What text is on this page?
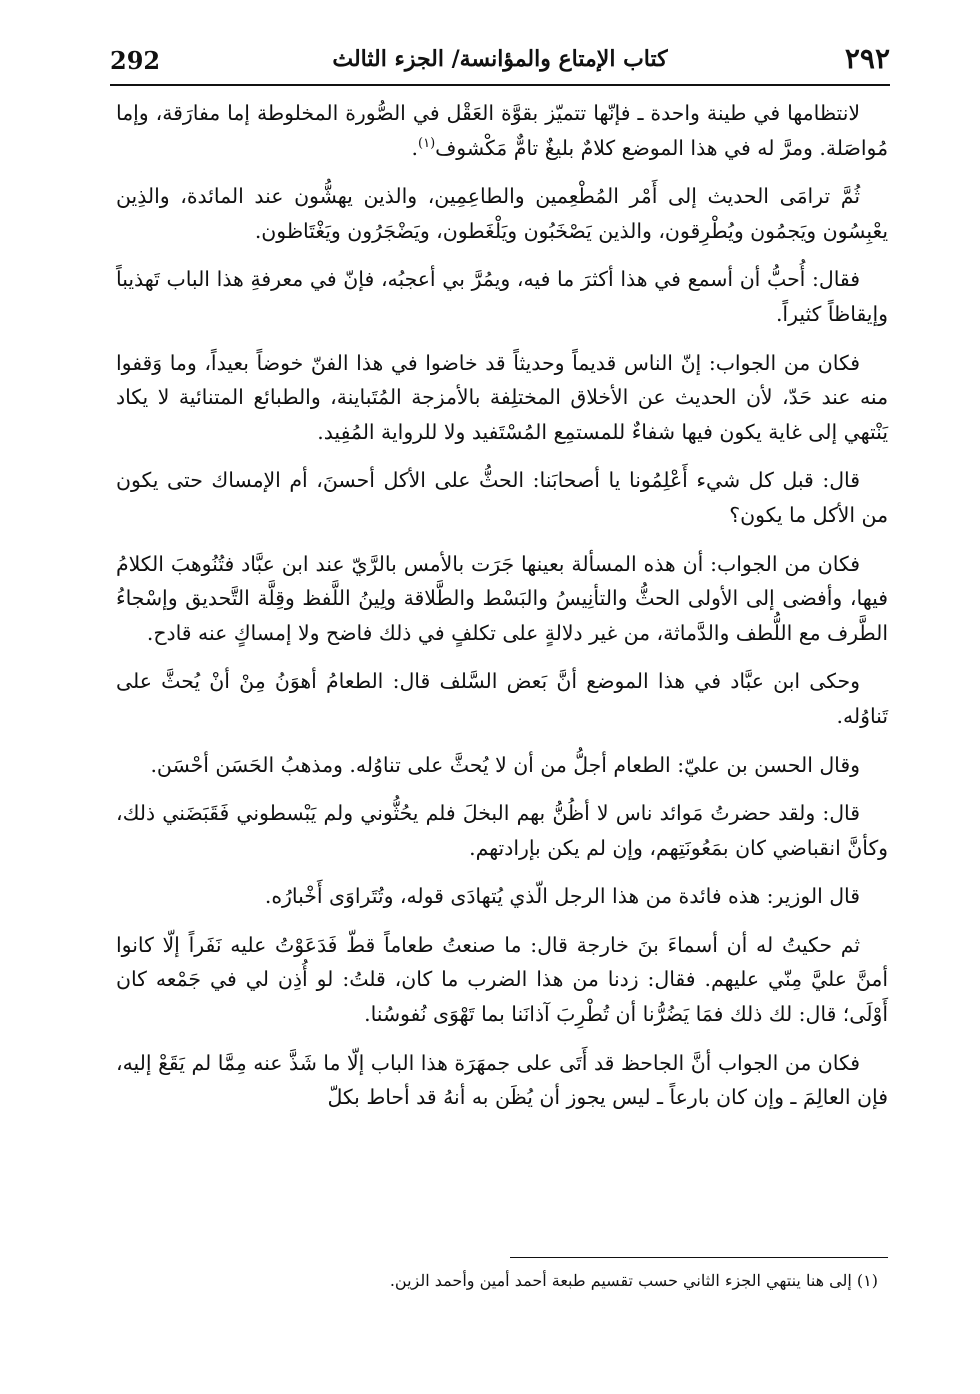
٢٩٢
كتاب الإمتاع والمؤانسة/ الجزء الثالث
292

لانتظامها في طينة واحدة ـ فإنّها تتميّز بقوَّة العَقْل في الصُّورة المخلوطة إما مفارَقة، وإما مُواصَلة. ومرَّ له في هذا الموضع كلامٌ بليغٌ تامٌّ مَكْشوف$^{(١)}$.

ثُمَّ ترامَى الحديث إلى أَمْر المُطْعِمين والطاعِمِين، والذين يهشُّون عند المائدة، والذِين يعْبِسُون ويَجمُون ويُطْرِقون، والذين يَصْخَبُون ويَلْغَطون، ويَضْجَرُون ويَغْتَاظون.

فقال: أُحبُّ أن أسمع في هذا أكثرَ ما فيه، ويمُرَّ بي أعجبُه، فإنّ في معرفةِ هذا الباب تَهذيباً وإيقاظاً كثيراً.

فكان من الجواب: إنّ الناس قديماً وحديثاً قد خاضوا في هذا الفنّ خوضاً بعيداً، وما وَقفوا منه عند حَدّ، لأن الحديث عن الأخلاق المختلِفة بالأمزجة المُتَباينة، والطبائع المتنائية لا يكاد يَنْتهي إلى غاية يكون فيها شفاءٌ للمستمِع المُسْتَفيد ولا للرواية المُفِيد.

قال: قبل كل شيء أَعْلِمُونا يا أصحابَنا: الحثُّ على الأكل أحسنَ، أم الإمساك حتى يكون من الأكل ما يكون؟

فكان من الجواب: أن هذه المسألة بعينها جَرَت بالأمس بالرَّيّ عند ابن عبَّاد فتُنُوهبَ الكلامُ فيها، وأفضى إلى الأولى الحثُّ والتأنِيسُ والبَسْط والطَّلاقة ولِينُ اللَّفظ وقِلَّة التَّحديق وإسْجاءُ الطَّرف مع اللُّطف والدَّماثة، من غير دلالةٍ على تكلفٍ في ذلك فاضح ولا إمساكٍ عنه قادح.

وحكى ابن عبَّاد في هذا الموضع أنَّ بَعض السَّلف قال: الطعامُ أهوَنُ مِنْ أنْ يُحثَّ على تَناوُله.

وقال الحسن بن عليّ: الطعام أجلُّ من أن لا يُحثَّ على تناوُله. ومذهبُ الحَسَن أحْسَن.

قال: ولقد حضرتُ مَوائد ناس لا أظُنُّ بهم البخلَ فلم يحُثُّوني ولم يَبْسطوني فَقَبَضَني ذلك، وكأنَّ انقباضي كان بمَعُونَتِهم، وإن لم يكن بإرادتهم.

قال الوزير: هذه فائدة من هذا الرجل الّذي يُتهادَى قوله، وتُتَراوَى أَخْبارُه.

ثم حكيتُ له أن أسماءَ بنَ خارجة قال: ما صنعتُ طعاماً قطّ فَدَعَوْتُ عليه نَفَراً إلّا كانوا أمنَّ عليَّ مِنّي عليهم. فقال: زدنا من هذا الضرب ما كان، قلتُ: لو أُذِن لي في جَمْعه كان أَوْلَى؛ قال: لك ذلك فمَا يَضُرُّنا أن تُطْرِبَ آذانَنا بما تَهْوَى نُفوسُنا.

فكان من الجواب أنَّ الجاحظ قد أَتَى على جمهَرَة هذا الباب إلّا ما شَذَّ عنه مِمَّا لم يَقَعْ إليه، فإن العالِمَ ـ وإن كان بارعاً ـ ليس يجوز أن يُظَن به أنهُ قد أحاط بكلّ

(١) إلى هنا ينتهي الجزء الثاني حسب تقسيم طبعة أحمد أمين وأحمد الزين.
